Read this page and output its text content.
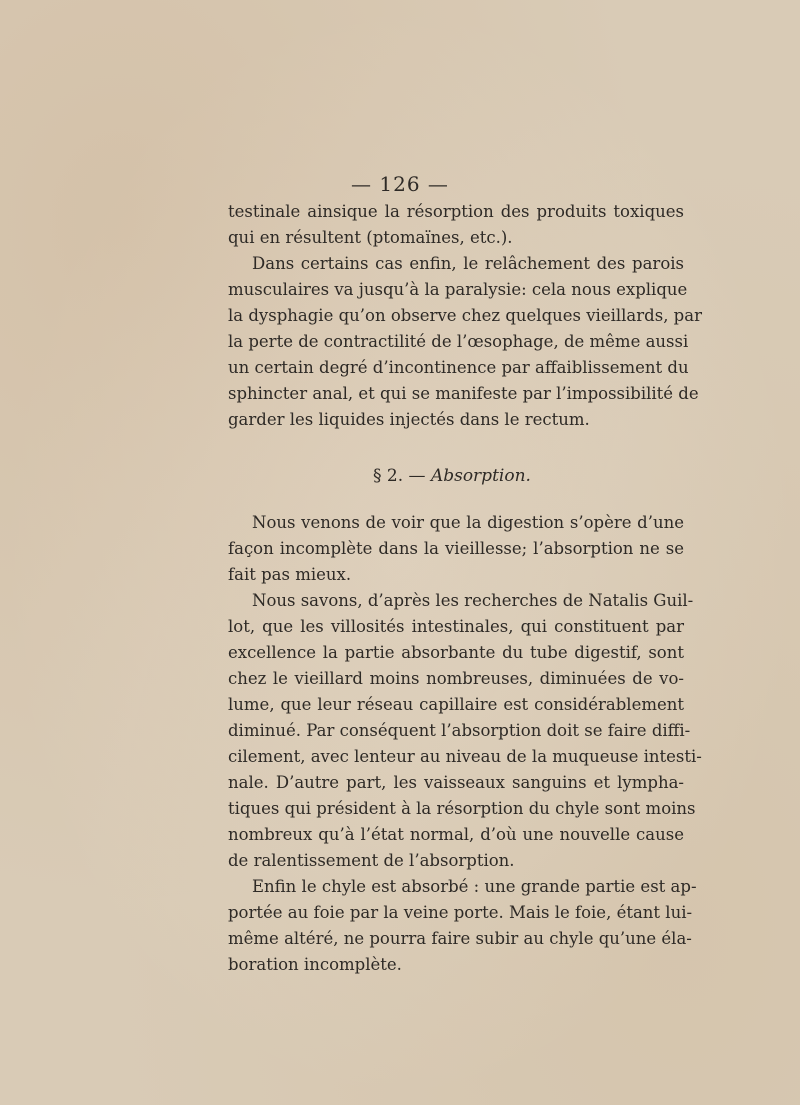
— 126 —
testinale ainsique la résorption des produits toxiques
qui en résultent (ptomaïnes, etc.).
Dans certains cas enfin, le relâchement des parois
musculaires va jusqu’à la paralysie: cela nous explique
la dysphagie qu’on observe chez quelques vieillards, par
la perte de contractilité de l’œsophage, de même aussi
un certain degré d’incontinence par affaiblissement du
sphincter anal, et qui se manifeste par l’impossibilité de
garder les liquides injectés dans le rectum.
§ 2. — Absorption.
Nous venons de voir que la digestion s’opère d’une
façon incomplète dans la vieillesse; l’absorption ne se
fait pas mieux.
Nous savons, d’après les recherches de Natalis Guil-
lot, que les villosités intestinales, qui constituent par
excellence la partie absorbante du tube digestif, sont
chez le vieillard moins nombreuses, diminuées de vo-
lume, que leur réseau capillaire est considérablement
diminué. Par conséquent l’absorption doit se faire diffi-
cilement, avec lenteur au niveau de la muqueuse intesti-
nale. D’autre part, les vaisseaux sanguins et lympha-
tiques qui président à la résorption du chyle sont moins
nombreux qu’à l’état normal, d’où une nouvelle cause
de ralentissement de l’absorption.
Enfin le chyle est absorbé : une grande partie est ap-
portée au foie par la veine porte. Mais le foie, étant lui-
même altéré, ne pourra faire subir au chyle qu’une éla-
boration incomplète.
